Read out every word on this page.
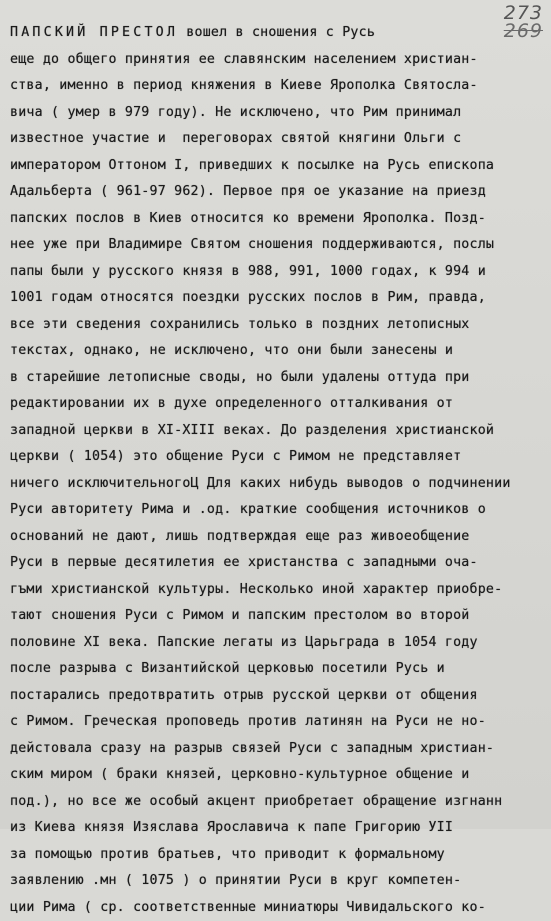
273
269
ПАПСКИЙ ПРЕСТОЛ вошел в сношения с Русь
еще до общего принятия ее славянским населением христиан-
ства, именно в период княжения в Киеве Ярополка Святосла-
вича ( умер в 979 году). Не исключено, что Рим принимал
известное участие и  переговорах святой княгини Ольги с
императором Оттоном I, приведших к посылке на Русь епископа
Адальберта ( 961-97 962). Первое пря ое указание на приезд
папских послов в Киев относится ко времени Ярополка. Позд-
нее уже при Владимире Святом сношения поддерживаются, послы
папы были у русского князя в 988, 991, 1000 годах, к 994 и
1001 годам относятся поездки русских послов в Рим, правда,
все эти сведения сохранились только в поздних летописных
текстах, однако, не исключено, что они были занесены и
в старейшие летописные своды, но были удалены оттуда при
редактировании их в духе определенного отталкивания от
западной церкви в XI-XIII веках. До разделения христианской
церкви ( 1054) это общение Руси с Римом не представляет
ничего исключительногоЦ Для каких нибудь выводов о подчинении
Руси авторитету Рима и .од. краткие сообщения источников о
оснований не дают, лишь подтверждая еще раз живоеобщение
Руси в первые десятилетия ее христанства с западными оча-
гъми христианской культуры. Несколько иной характер приобре-
тают сношения Руси с Римом и папским престолом во второй
половине XI века. Папские легаты из Царьграда в 1054 году
после разрыва с Византийской церковью посетили Русь и
постарались предотвратить отрыв русской церкви от общения
с Римом. Греческая проповедь против латинян на Руси не но-
дейстовала сразу на разрыв связей Руси с западным христиан-
ским миром ( браки князей, церковно-культурное общение и
под.), но все же особый акцент приобретает обращение изгнанн
из Киева князя Изяслава Ярославича к папе Григорию УII
за помощью против братьев, что приводит к формальному
заявлению .мн ( 1075 ) о принятии Руси в круг компетен-
ции Рима ( ср. соответственные миниатюры Чивидальского ко-
